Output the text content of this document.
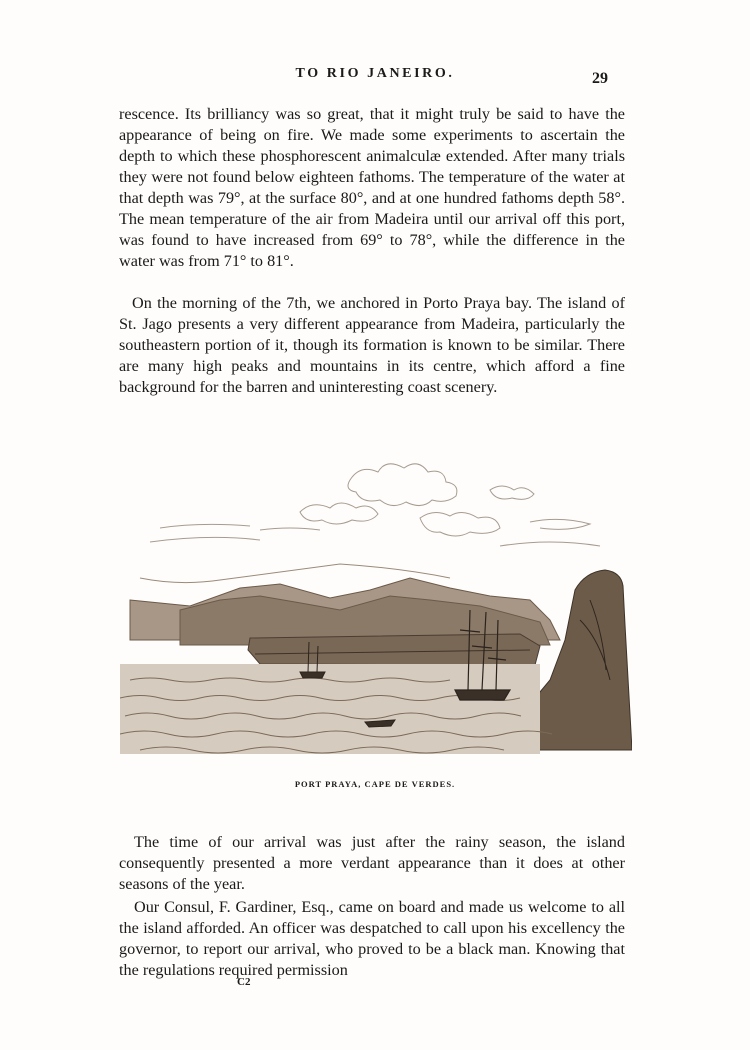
TO RIO JANEIRO.	29

rescence. Its brilliancy was so great, that it might truly be said to have the appearance of being on fire. We made some experiments to ascertain the depth to which these phosphorescent animalculæ extended. After many trials they were not found below eighteen fathoms. The temperature of the water at that depth was 79°, at the surface 80°, and at one hundred fathoms depth 58°. The mean temperature of the air from Madeira until our arrival off this port, was found to have increased from 69° to 78°, while the difference in the water was from 71° to 81°.

On the morning of the 7th, we anchored in Porto Praya bay. The island of St. Jago presents a very different appearance from Madeira, particularly the southeastern portion of it, though its formation is known to be similar. There are many high peaks and mountains in its centre, which afford a fine background for the barren and uninteresting coast scenery.

PORT PRAYA, CAPE DE VERDES.

The time of our arrival was just after the rainy season, the island consequently presented a more verdant appearance than it does at other seasons of the year.

Our Consul, F. Gardiner, Esq., came on board and made us welcome to all the island afforded. An officer was despatched to call upon his excellency the governor, to report our arrival, who proved to be a black man. Knowing that the regulations required permission

C2
